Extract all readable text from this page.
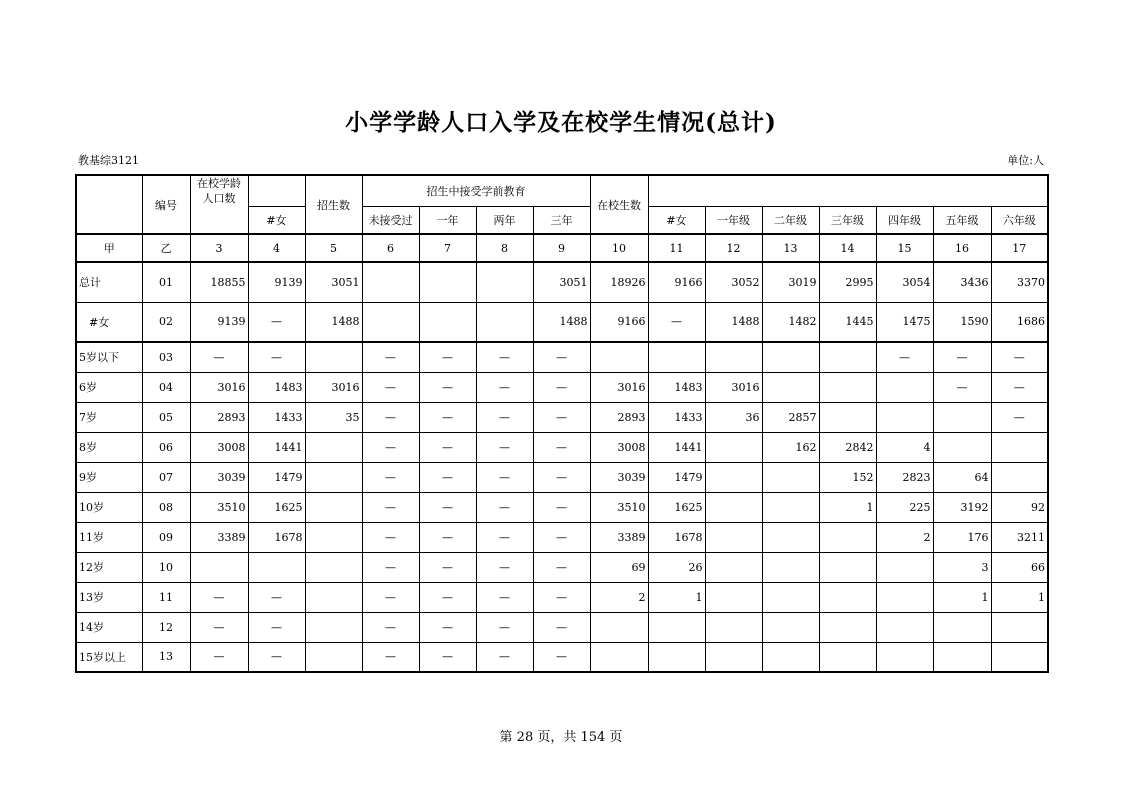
小学学龄人口入学及在校学生情况(总计)
教基综3121	单位:人
	编号	在校学龄人口数		招生数	招生中接受学前教育				在校生数							
			#女		未接受过	一年	两年	三年		#女	一年级	二年级	三年级	四年级	五年级	六年级
甲	乙	3	4	5	6	7	8	9	10	11	12	13	14	15	16	17
总计	01	18855	9139	3051				3051	18926	9166	3052	3019	2995	3054	3436	3370
#女	02	9139	—	1488				1488	9166	—	1488	1482	1445	1475	1590	1686
5岁以下	03	—	—		—	—	—	—						—	—	—
6岁	04	3016	1483	3016	—	—	—	—	3016	1483	3016				—	—
7岁	05	2893	1433	35	—	—	—	—	2893	1433	36	2857				—
8岁	06	3008	1441		—	—	—	—	3008	1441		162	2842	4		
9岁	07	3039	1479		—	—	—	—	3039	1479			152	2823	64	
10岁	08	3510	1625		—	—	—	—	3510	1625			1	225	3192	92
11岁	09	3389	1678		—	—	—	—	3389	1678				2	176	3211
12岁	10				—	—	—	—	69	26					3	66
13岁	11	—	—		—	—	—	—	2	1					1	1
14岁	12	—	—		—	—	—	—								
15岁以上	13	—	—		—	—	—	—								
第 28 页，共 154 页
